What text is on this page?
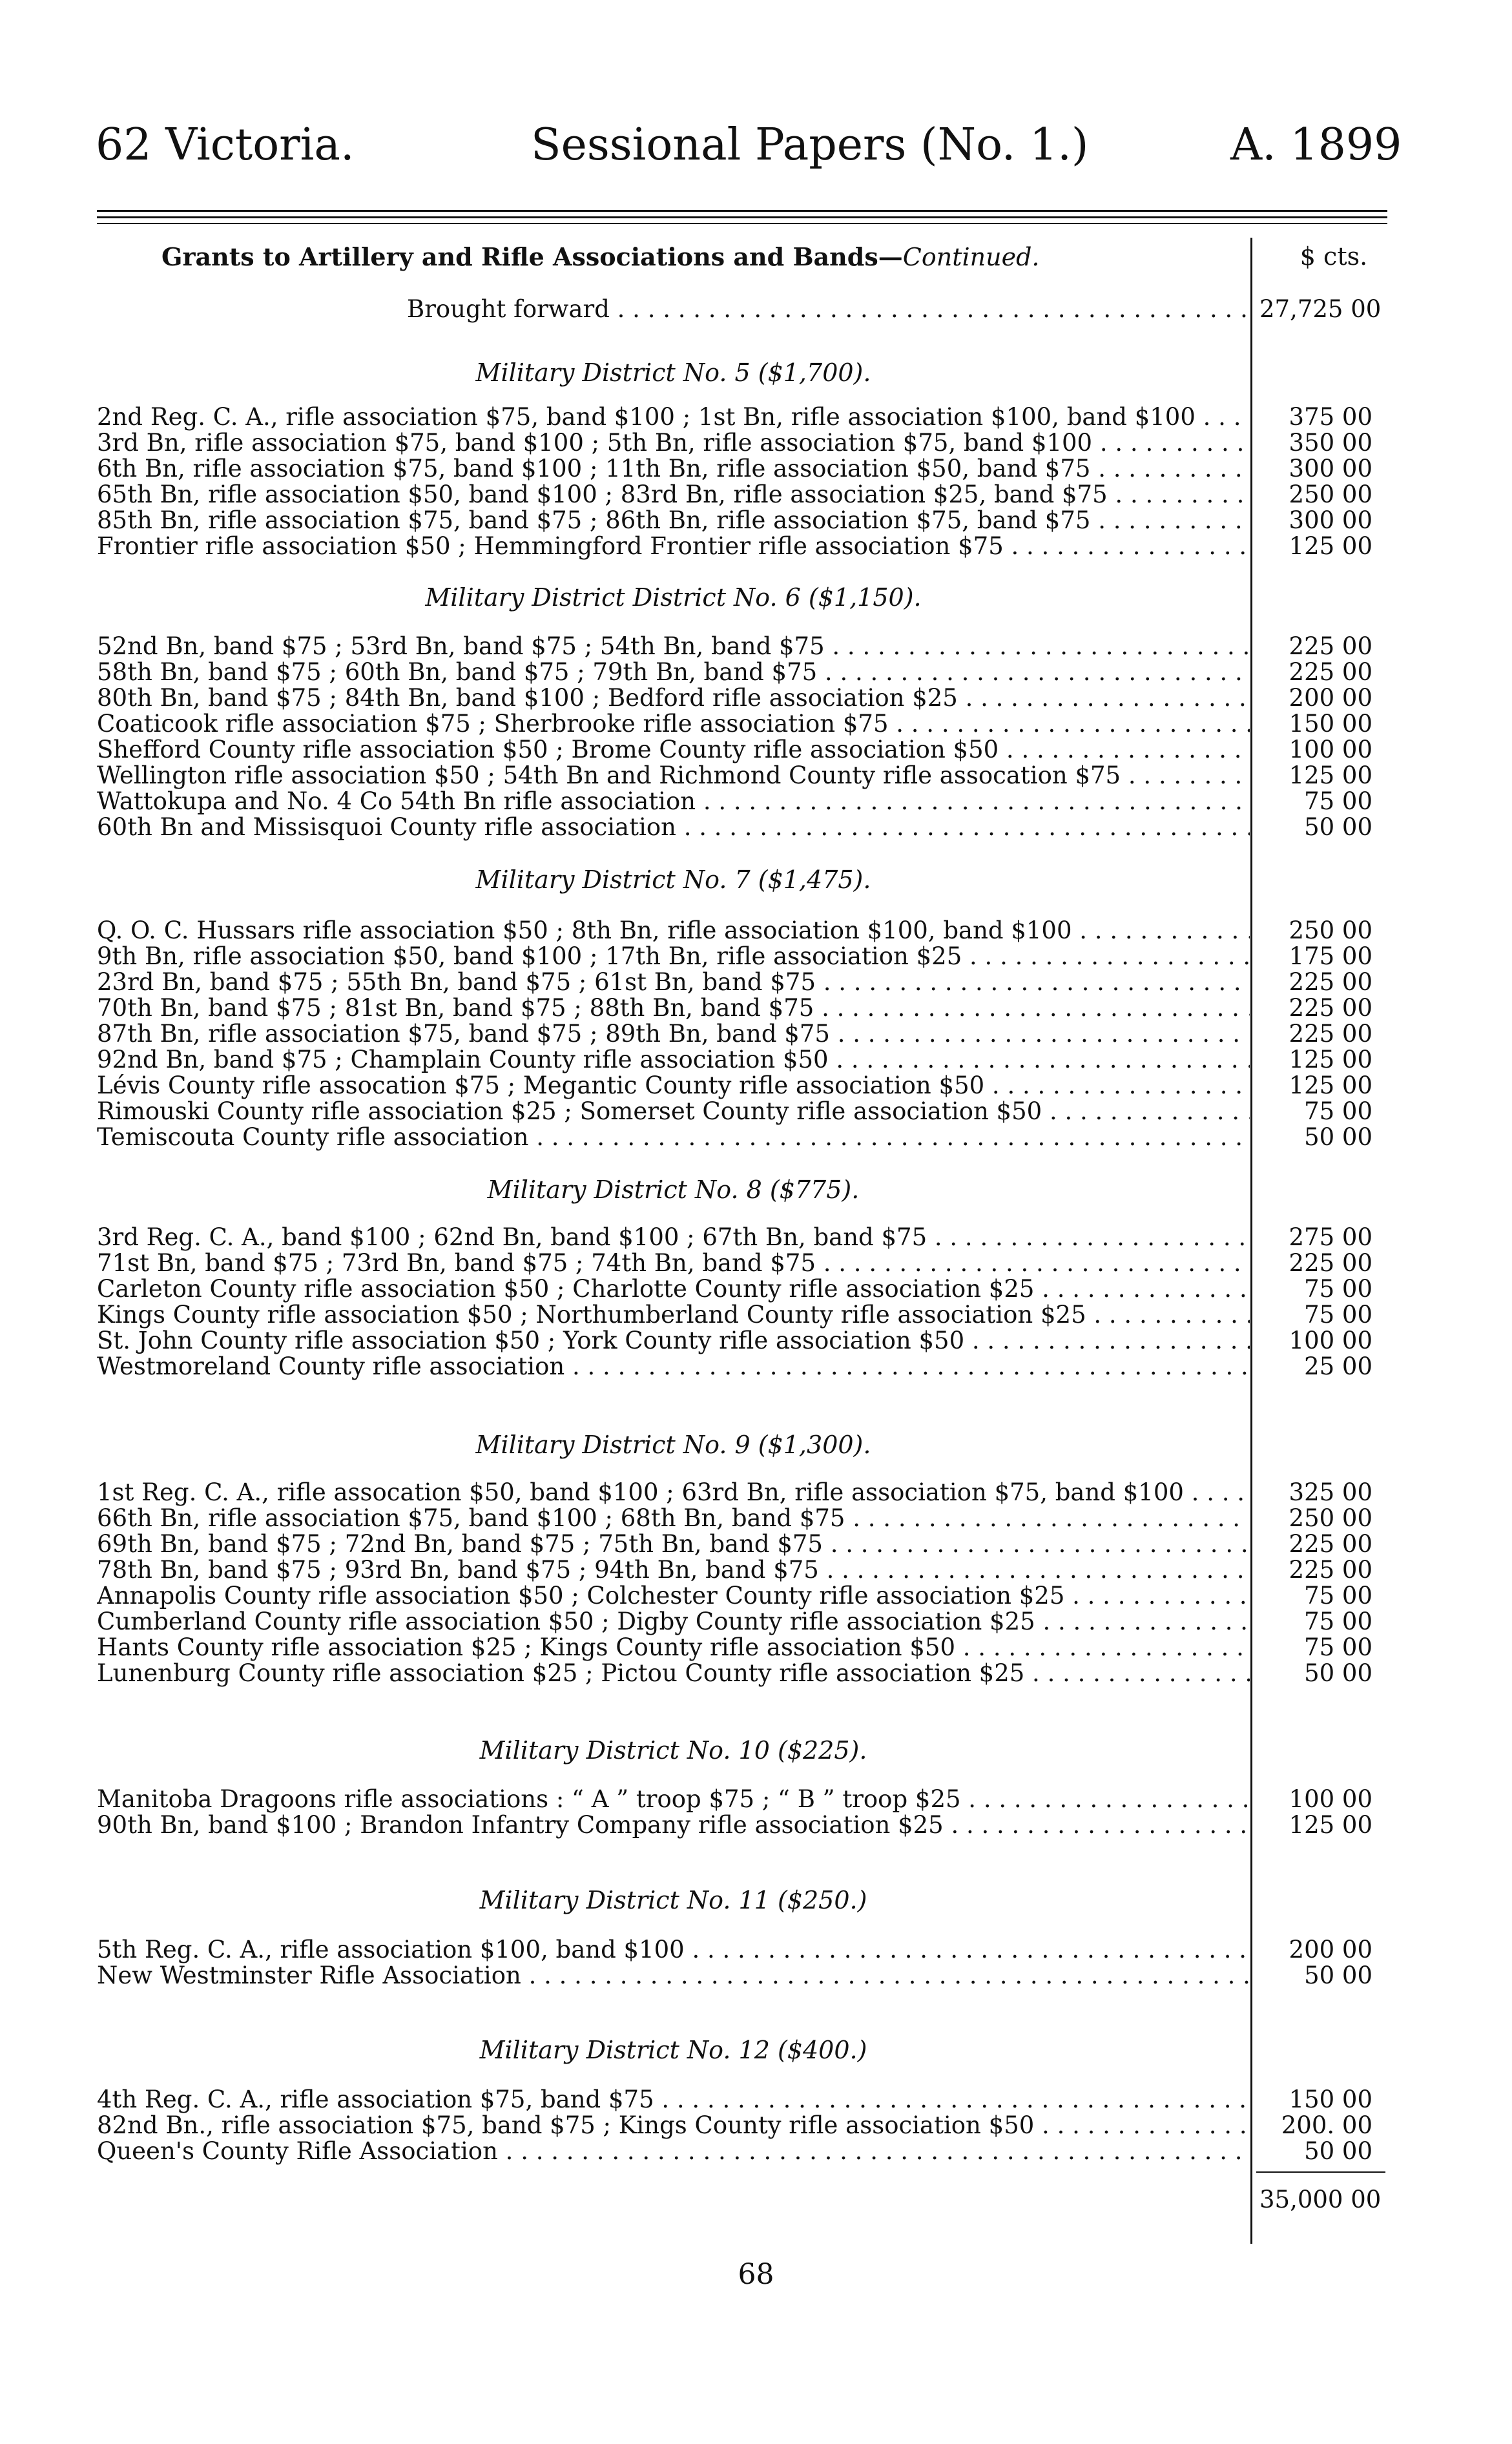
62 Victoria.	Sessional Papers (No. 1.)	A. 1899
Grants to Artillery and Rifle Associations and Bands—Continued.	$ cts.
Brought forward . . .	27,725 00
Military District No. 5 ($1,700).
2nd Reg. C. A., rifle association $75, band $100 ; 1st Bn, rifle association $100, band $100 . . .	375 00
3rd Bn, rifle association $75, band $100 ; 5th Bn, rifle association $75, band $100 . . .	350 00
6th Bn, rifle association $75, band $100 ; 11th Bn, rifle association $50, band $75 . . .	300 00
65th Bn, rifle association $50, band $100 ; 83rd Bn, rifle association $25, band $75 . . .	250 00
85th Bn, rifle association $75, band $75 ; 86th Bn, rifle association $75, band $75 . . .	300 00
Frontier rifle association $50 ; Hemmingford Frontier rifle association $75 . . .	125 00
Military District District No. 6 ($1,150).
52nd Bn, band $75 ; 53rd Bn, band $75 ; 54th Bn, band $75 . . .	225 00
58th Bn, band $75 ; 60th Bn, band $75 ; 79th Bn, band $75 . . .	225 00
80th Bn, band $75 ; 84th Bn, band $100 ; Bedford rifle association $25 . . .	200 00
Coaticook rifle association $75 ; Sherbrooke rifle association $75 . . .	150 00
Shefford County rifle association $50 ; Brome County rifle association $50 . . .	100 00
Wellington rifle association $50 ; 54th Bn and Richmond County rifle assocation $75 . . .	125 00
Wattokupa and No. 4 Co 54th Bn rifle association . . .	75 00
60th Bn and Missisquoi County rifle association . . .	50 00
Military District No. 7 ($1,475).
Q. O. C. Hussars rifle association $50 ; 8th Bn, rifle association $100, band $100 . . .	250 00
9th Bn, rifle association $50, band $100 ; 17th Bn, rifle association $25 . . .	175 00
23rd Bn, band $75 ; 55th Bn, band $75 ; 61st Bn, band $75 . . .	225 00
70th Bn, band $75 ; 81st Bn, band $75 ; 88th Bn, band $75 . . .	225 00
87th Bn, rifle association $75, band $75 ; 89th Bn, band $75 . . .	225 00
92nd Bn, band $75 ; Champlain County rifle association $50 . . .	125 00
Lévis County rifle assocation $75 ; Megantic County rifle association $50 . . .	125 00
Rimouski County rifle association $25 ; Somerset County rifle association $50 . . .	75 00
Temiscouta County rifle association . . .	50 00
Military District No. 8 ($775).
3rd Reg. C. A., band $100 ; 62nd Bn, band $100 ; 67th Bn, band $75 . . .	275 00
71st Bn, band $75 ; 73rd Bn, band $75 ; 74th Bn, band $75 . . .	225 00
Carleton County rifle association $50 ; Charlotte County rifle association $25 . . .	75 00
Kings County rifle association $50 ; Northumberland County rifle association $25 . . .	75 00
St. John County rifle association $50 ; York County rifle association $50 . . .	100 00
Westmoreland County rifle association . . .	25 00
Military District No. 9 ($1,300).
1st Reg. C. A., rifle assocation $50, band $100 ; 63rd Bn, rifle association $75, band $100 . . .	325 00
66th Bn, rifle association $75, band $100 ; 68th Bn, band $75 . . .	250 00
69th Bn, band $75 ; 72nd Bn, band $75 ; 75th Bn, band $75 . . .	225 00
78th Bn, band $75 ; 93rd Bn, band $75 ; 94th Bn, band $75 . . .	225 00
Annapolis County rifle association $50 ; Colchester County rifle association $25 . . .	75 00
Cumberland County rifle association $50 ; Digby County rifle association $25 . . .	75 00
Hants County rifle association $25 ; Kings County rifle association $50 . . .	75 00
Lunenburg County rifle association $25 ; Pictou County rifle association $25 . . .	50 00
Military District No. 10 ($225).
Manitoba Dragoons rifle associations : “ A ” troop $75 ; “ B ” troop $25 . . .	100 00
90th Bn, band $100 ; Brandon Infantry Company rifle association $25 . . .	125 00
Military District No. 11 ($250.)
5th Reg. C. A., rifle association $100, band $100 . . .	200 00
New Westminster Rifle Association . . .	50 00
Military District No. 12 ($400.)
4th Reg. C. A., rifle association $75, band $75 . . .	150 00
82nd Bn., rifle association $75, band $75 ; Kings County rifle association $50 . . .	200. 00
Queen's County Rifle Association . . .	50 00
35,000 00
68
